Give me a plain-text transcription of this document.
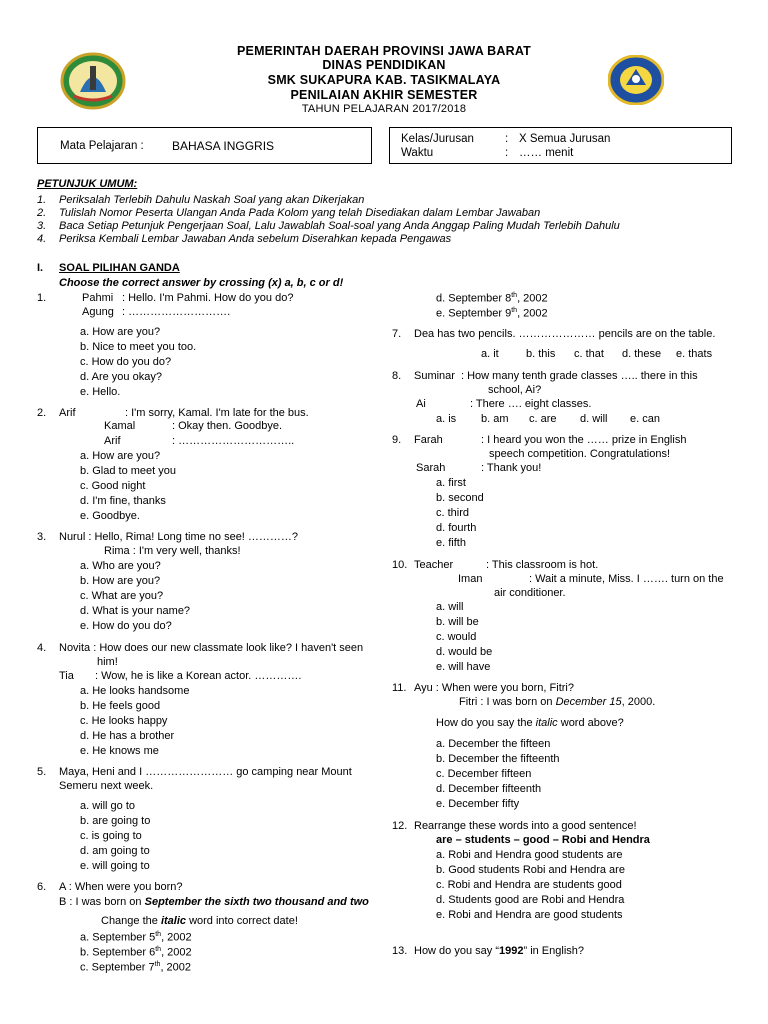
PEMERINTAH DAERAH PROVINSI JAWA BARAT
DINAS PENDIDIKAN
SMK SUKAPURA KAB. TASIKMALAYA
PENILAIAN AKHIR SEMESTER
TAHUN PELAJARAN 2017/2018
Mata Pelajaran : BAHASA INGGRIS	Kelas/Jurusan	: X Semua Jurusan
Waktu	: …… menit
PETUNJUK UMUM:
1. Periksalah Terlebih Dahulu Naskah Soal yang akan Dikerjakan
2. Tulislah Nomor Peserta Ulangan Anda Pada Kolom yang telah Disediakan dalam Lembar Jawaban
3. Baca Setiap Petunjuk Pengerjaan Soal, Lalu Jawablah Soal-soal yang Anda Anggap Paling Mudah Terlebih Dahulu
4. Periksa Kembali Lembar Jawaban Anda sebelum Diserahkan kepada Pengawas
I. SOAL PILIHAN GANDA
Choose the correct answer by crossing (x) a, b, c or d!
1.	Pahmi : Hello. I'm Pahmi. How do you do?
Agung : ……………………….
a. How are you?
b. Nice to meet you too.
c. How do you do?
d. Are you okay?
e. Hello.
2. Arif	: I'm sorry, Kamal. I'm late for the bus.
Kamal	: Okay then. Goodbye.
Arif	: …………………………..
a. How are you?
b. Glad to meet you
c. Good night
d. I'm fine, thanks
e. Goodbye.
3. Nurul : Hello, Rima! Long time no see! …………?
Rima : I'm very well, thanks!
a. Who are you?
b. How are you?
c. What are you?
d. What is your name?
e. How do you do?
4. Novita : How does our new classmate look like? I haven't seen
him!
Tia : Wow, he is like a Korean actor. ………….
a. He looks handsome
b. He feels good
c. He looks happy
d. He has a brother
e. He knows me
5. Maya, Heni and I …………………… go camping near Mount
Semeru next week.
a. will go to
b. are going to
c. is going to
d. am going to
e. will going to
6. A : When were you born?
B : I was born on September the sixth two thousand and two
Change the italic word into correct date!
a. September 5th, 2002
b. September 6th, 2002
c. September 7th, 2002
d. September 8th, 2002
e. September 9th, 2002
7. Dea has two pencils. ………………… pencils are on the table.
a. it b. this c. that d. these e. thats
8. Suminar : How many tenth grade classes ….. there in this
school, Ai?
Ai	: There …. eight classes.
a. is b. am c. are d. will e. can
9. Farah	: I heard you won the …… prize in English
speech competition. Congratulations!
Sarah	: Thank you!
a. first
b. second
c. third
d. fourth
e. fifth
10. Teacher	: This classroom is hot.
Iman	: Wait a minute, Miss. I ……. turn on the
air conditioner.
a. will
b. will be
c. would
d. would be
e. will have
11. Ayu : When were you born, Fitri?
Fitri : I was born on December 15, 2000.
How do you say the italic word above?
a. December the fifteen
b. December the fifteenth
c. December fifteen
d. December fifteenth
e. December fifty
12. Rearrange these words into a good sentence!
are – students – good – Robi and Hendra
a. Robi and Hendra good students are
b. Good students Robi and Hendra are
c. Robi and Hendra are students good
d. Students good are Robi and Hendra
e. Robi and Hendra are good students
13. How do you say “1992” in English?
